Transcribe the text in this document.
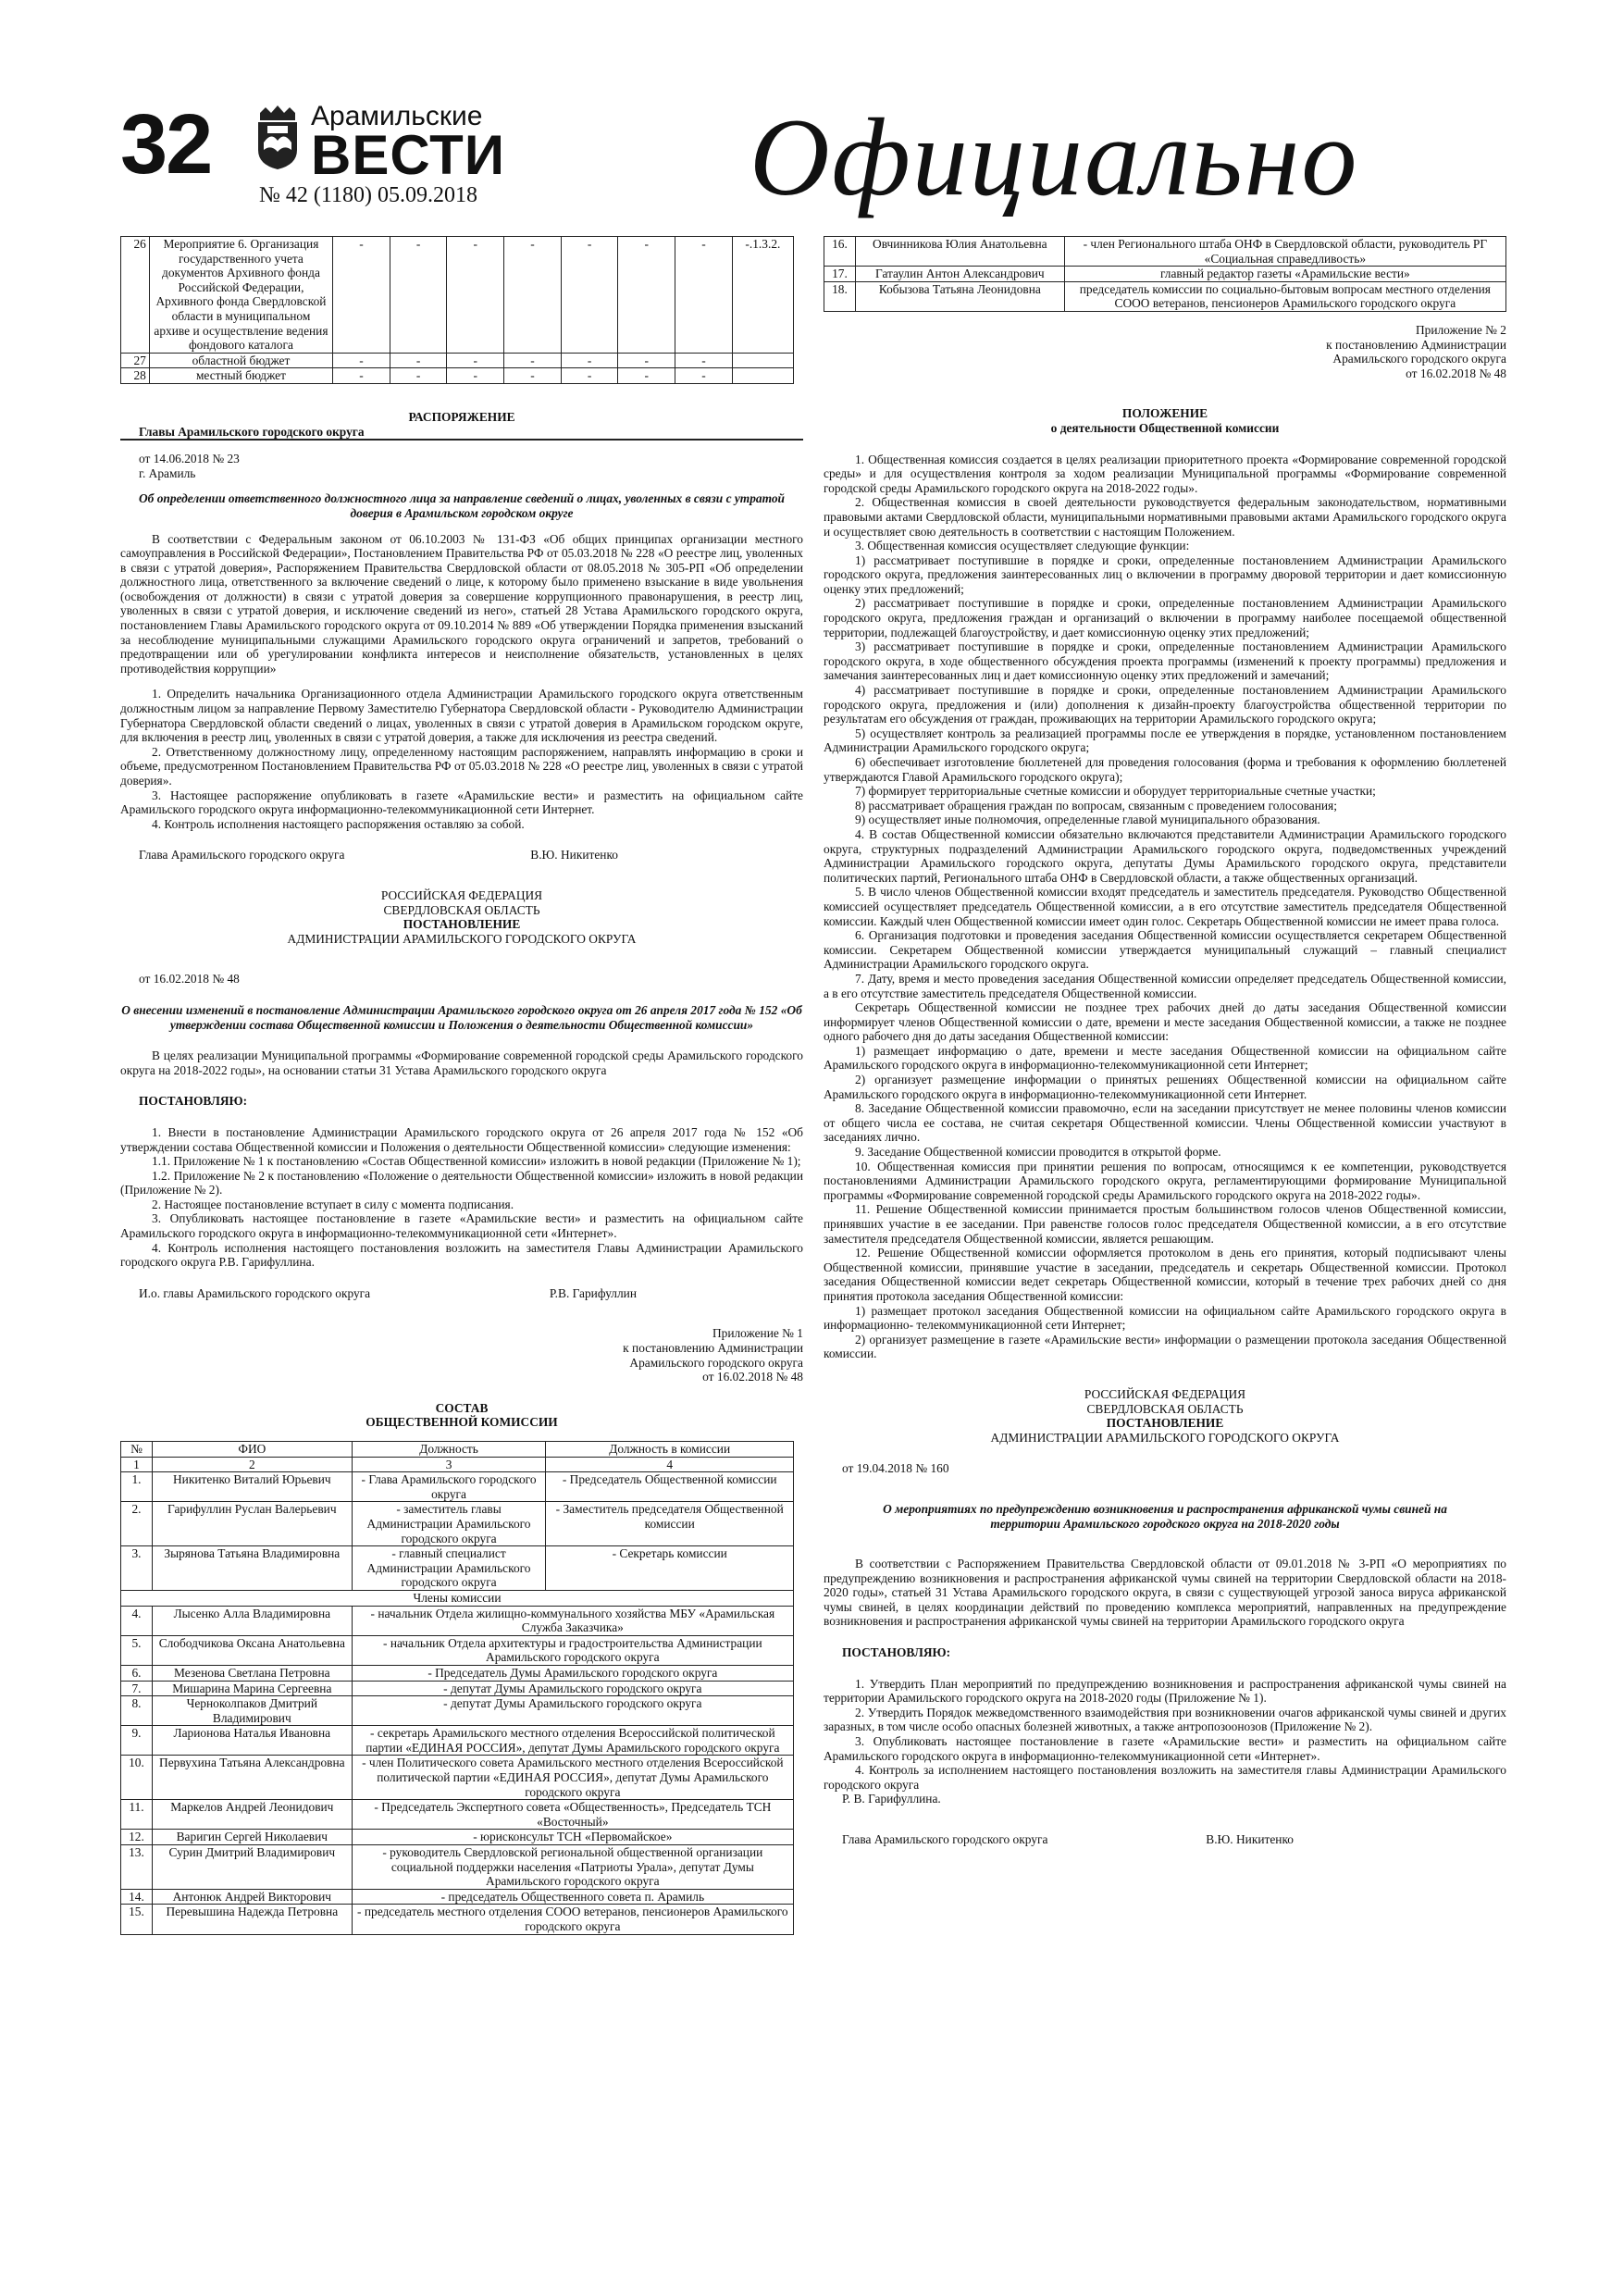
32	Арамильские
ВЕСТИ
№ 42 (1180) 05.09.2018 Официально
26	Мероприятие 6. Организация государственного учета документов Архивного фонда Российской Федерации, Архивного фонда Свердловской области в муниципальном архиве и осуществление ведения фондового каталога	-	-	-	-	-	-	-	-.1.3.2.
27	областной бюджет	-	-	-	-	-	-	-	
28	местный бюджет	-	-	-	-	-	-	-	

РАСПОРЯЖЕНИЕ

Главы Арамильского городского округа

от 14.06.2018 № 23

г. Арамиль

Об определении ответственного должностного лица за направление сведений о лицах, уволенных в связи с утратой доверия в Арамильском городском округе

В соответствии с Федеральным законом от 06.10.2003 № 131-ФЗ «Об общих принципах организации местного самоуправления в Российской Федерации», Постановлением Правительства РФ от 05.03.2018 № 228 «О реестре лиц, уволенных в связи с утратой доверия», Распоряжением Правительства Свердловской области от 08.05.2018 № 305-РП «Об определении должностного лица, ответственного за включение сведений о лице, к которому было применено взыскание в виде увольнения (освобождения от должности) в связи с утратой доверия за совершение коррупционного правонарушения, в реестр лиц, уволенных в связи с утратой доверия, и исключение сведений из него», статьей 28 Устава Арамильского городского округа, постановлением Главы Арамильского городского округа от 09.10.2014 № 889 «Об утверждении Порядка применения взысканий за несоблюдение муниципальными служащими Арамильского городского округа ограничений и запретов, требований о предотвращении или об урегулировании конфликта интересов и неисполнение обязательств, установленных в целях противодействия коррупции»

1. Определить начальника Организационного отдела Администрации Арамильского городского округа ответственным должностным лицом за направление Первому Заместителю Губернатора Свердловской области - Руководителю Администрации Губернатора Свердловской области сведений о лицах, уволенных в связи с утратой доверия в Арамильском городском округе, для включения в реестр лиц, уволенных в связи с утратой доверия, а также для исключения из реестра сведений.

2. Ответственному должностному лицу, определенному настоящим распоряжением, направлять информацию в сроки и объеме, предусмотренном Постановлением Правительства РФ от 05.03.2018 № 228 «О реестре лиц, уволенных в связи с утратой доверия».

3. Настоящее распоряжение опубликовать в газете «Арамильские вести» и разместить на официальном сайте Арамильского городского округа информационно-телекоммуникационной сети Интернет.

4. Контроль исполнения настоящего распоряжения оставляю за собой.

Глава Арамильского городского округа	В.Ю. Никитенко

РОССИЙСКАЯ ФЕДЕРАЦИЯ

СВЕРДЛОВСКАЯ ОБЛАСТЬ

ПОСТАНОВЛЕНИЕ

АДМИНИСТРАЦИИ АРАМИЛЬСКОГО ГОРОДСКОГО ОКРУГА

от 16.02.2018 № 48

О внесении изменений в постановление Администрации Арамильского городского округа от 26 апреля 2017 года № 152 «Об утверждении состава Общественной комиссии и Положения о деятельности Общественной комиссии»

В целях реализации Муниципальной программы «Формирование современной городской среды Арамильского городского округа на 2018-2022 годы», на основании статьи 31 Устава Арамильского городского округа

ПОСТАНОВЛЯЮ:

1. Внести в постановление Администрации Арамильского городского округа от 26 апреля 2017 года № 152 «Об утверждении состава Общественной комиссии и Положения о деятельности Общественной комиссии» следующие изменения:

1.1. Приложение № 1 к постановлению «Состав Общественной комиссии» изложить в новой редакции (Приложение № 1);

1.2. Приложение № 2 к постановлению «Положение о деятельности Общественной комиссии» изложить в новой редакции (Приложение № 2).

2. Настоящее постановление вступает в силу с момента подписания.

3. Опубликовать настоящее постановление в газете «Арамильские вести» и разместить на официальном сайте Арамильского городского округа в информационно-телекоммуникационной сети «Интернет».

4. Контроль исполнения настоящего постановления возложить на заместителя Главы Администрации Арамильского городского округа Р.В. Гарифуллина.

И.о. главы Арамильского городского округа	Р.В. Гарифуллин

Приложение № 1

к постановлению Администрации

Арамильского городского округа

от 16.02.2018 № 48

СОСТАВ

ОБЩЕСТВЕННОЙ КОМИССИИ

№	ФИО	Должность	Должность в комиссии
1	2	3	4
1.	Никитенко Виталий Юрьевич	- Глава Арамильского городского округа	- Председатель Общественной комиссии
2.	Гарифуллин Руслан Валерьевич	- заместитель главы Администрации Арамильского городского округа	- Заместитель председателя Общественной комиссии
3.	Зырянова Татьяна Владимировна	- главный специалист Администрации Арамильского городского округа	- Секретарь комиссии
Члены комиссии			
4.	Лысенко Алла Владимировна	- начальник Отдела жилищно-коммунального хозяйства МБУ «Арамильская Служба Заказчика»	
5.	Слободчикова Оксана Анатольевна	- начальник Отдела архитектуры и градостроительства Администрации Арамильского городского округа	
6.	Мезенова Светлана Петровна	- Председатель Думы Арамильского городского округа	
7.	Мишарина Марина Сергеевна	- депутат Думы Арамильского городского округа	
8.	Черноколпаков Дмитрий Владимирович	- депутат Думы Арамильского городского округа	
9.	Ларионова Наталья Ивановна	- секретарь Арамильского местного отделения Всероссийской политической партии «ЕДИНАЯ РОССИЯ», депутат Думы Арамильского городского округа	
10.	Первухина Татьяна Александровна	- член Политического совета Арамильского местного отделения Всероссийской политической партии «ЕДИНАЯ РОССИЯ», депутат Думы Арамильского городского округа	
11.	Маркелов Андрей Леонидович	- Председатель Экспертного совета «Общественность», Председатель ТСН «Восточный»	
12.	Варигин Сергей Николаевич	- юрисконсульт ТСН «Первомайское»	
13.	Сурин Дмитрий Владимирович	- руководитель Свердловской региональной общественной организации социальной поддержки населения «Патриоты Урала», депутат Думы Арамильского городского округа	
14.	Антонюк Андрей Викторович	- председатель Общественного совета п. Арамиль	
15.	Перевышина Надежда Петровна	- председатель местного отделения СООО ветеранов, пенсионеров Арамильского городского округа	
16.	Овчинникова Юлия Анатольевна	- член Регионального штаба ОНФ в Свердловской области, руководитель РГ «Социальная справедливость»
17.	Гатаулин Антон Александрович	главный редактор газеты «Арамильские вести»
18.	Кобызова Татьяна Леонидовна	председатель комиссии по социально-бытовым вопросам местного отделения СООО ветеранов, пенсионеров Арамильского городского округа

Приложение № 2

к постановлению Администрации

Арамильского городского округа

от 16.02.2018 № 48

ПОЛОЖЕНИЕ

о деятельности Общественной комиссии

1. Общественная комиссия создается в целях реализации приоритетного проекта «Формирование современной городской среды» и для осуществления контроля за ходом реализации Муниципальной программы «Формирование современной городской среды Арамильского городского округа на 2018-2022 годы».

2. Общественная комиссия в своей деятельности руководствуется федеральным законодательством, нормативными правовыми актами Свердловской области, муниципальными нормативными правовыми актами Арамильского городского округа и осуществляет свою деятельность в соответствии с настоящим Положением.

3. Общественная комиссия осуществляет следующие функции:

1) рассматривает поступившие в порядке и сроки, определенные постановлением Администрации Арамильского городского округа, предложения заинтересованных лиц о включении в программу дворовой территории и дает комиссионную оценку этих предложений;

2) рассматривает поступившие в порядке и сроки, определенные постановлением Администрации Арамильского городского округа, предложения граждан и организаций о включении в программу наиболее посещаемой общественной территории, подлежащей благоустройству, и дает комиссионную оценку этих предложений;

3) рассматривает поступившие в порядке и сроки, определенные постановлением Администрации Арамильского городского округа, в ходе общественного обсуждения проекта программы (изменений к проекту программы) предложения и замечания заинтересованных лиц и дает комиссионную оценку этих предложений и замечаний;

4) рассматривает поступившие в порядке и сроки, определенные постановлением Администрации Арамильского городского округа, предложения и (или) дополнения к дизайн-проекту благоустройства общественной территории по результатам его обсуждения от граждан, проживающих на территории Арамильского городского округа;

5) осуществляет контроль за реализацией программы после ее утверждения в порядке, установленном постановлением Администрации Арамильского городского округа;

6) обеспечивает изготовление бюллетеней для проведения голосования (форма и требования к оформлению бюллетеней утверждаются Главой Арамильского городского округа);

7) формирует территориальные счетные комиссии и оборудует территориальные счетные участки;

8) рассматривает обращения граждан по вопросам, связанным с проведением голосования;

9) осуществляет иные полномочия, определенные главой муниципального образования.

4. В состав Общественной комиссии обязательно включаются представители Администрации Арамильского городского округа, структурных подразделений Администрации Арамильского городского округа, подведомственных учреждений Администрации Арамильского городского округа, депутаты Думы Арамильского городского округа, представители политических партий, Регионального штаба ОНФ в Свердловской области, а также общественных организаций.

5. В число членов Общественной комиссии входят председатель и заместитель председателя. Руководство Общественной комиссией осуществляет председатель Общественной комиссии, а в его отсутствие заместитель председателя Общественной комиссии. Каждый член Общественной комиссии имеет один голос. Секретарь Общественной комиссии не имеет права голоса.

6. Организация подготовки и проведения заседания Общественной комиссии осуществляется секретарем Общественной комиссии. Секретарем Общественной комиссии утверждается муниципальный служащий – главный специалист Администрации Арамильского городского округа.

7. Дату, время и место проведения заседания Общественной комиссии определяет председатель Общественной комиссии, а в его отсутствие заместитель председателя Общественной комиссии.

Секретарь Общественной комиссии не позднее трех рабочих дней до даты заседания Общественной комиссии информирует членов Общественной комиссии о дате, времени и месте заседания Общественной комиссии, а также не позднее одного рабочего дня до даты заседания Общественной комиссии:

1) размещает информацию о дате, времени и месте заседания Общественной комиссии на официальном сайте Арамильского городского округа в информационно-телекоммуникационной сети Интернет;

2) организует размещение информации о принятых решениях Общественной комиссии на официальном сайте Арамильского городского округа в информационно-телекоммуникационной сети Интернет.

8. Заседание Общественной комиссии правомочно, если на заседании присутствует не менее половины членов комиссии от общего числа ее состава, не считая секретаря Общественной комиссии. Члены Общественной комиссии участвуют в заседаниях лично.

9. Заседание Общественной комиссии проводится в открытой форме.

10. Общественная комиссия при принятии решения по вопросам, относящимся к ее компетенции, руководствуется постановлениями Администрации Арамильского городского округа, регламентирующими формирование Муниципальной программы «Формирование современной городской среды Арамильского городского округа на 2018-2022 годы».

11. Решение Общественной комиссии принимается простым большинством голосов членов Общественной комиссии, принявших участие в ее заседании. При равенстве голосов голос председателя Общественной комиссии, а в его отсутствие заместителя председателя Общественной комиссии, является решающим.

12. Решение Общественной комиссии оформляется протоколом в день его принятия, который подписывают члены Общественной комиссии, принявшие участие в заседании, председатель и секретарь Общественной комиссии. Протокол заседания Общественной комиссии ведет секретарь Общественной комиссии, который в течение трех рабочих дней со дня принятия протокола заседания Общественной комиссии:

1) размещает протокол заседания Общественной комиссии на официальном сайте Арамильского городского округа в информационно- телекоммуникационной сети Интернет;

2) организует размещение в газете «Арамильские вести» информации о размещении протокола заседания Общественной комиссии.

РОССИЙСКАЯ ФЕДЕРАЦИЯ

СВЕРДЛОВСКАЯ ОБЛАСТЬ

ПОСТАНОВЛЕНИЕ

АДМИНИСТРАЦИИ АРАМИЛЬСКОГО ГОРОДСКОГО ОКРУГА

от 19.04.2018 № 160

О мероприятиях по предупреждению возникновения и распространения африканской чумы свиней на территории Арамильского городского округа на 2018-2020 годы

В соответствии с Распоряжением Правительства Свердловской области от 09.01.2018 № 3-РП «О мероприятиях по предупреждению возникновения и распространения африканской чумы свиней на территории Свердловской области на 2018-2020 годы», статьей 31 Устава Арамильского городского округа, в связи с существующей угрозой заноса вируса африканской чумы свиней, в целях координации действий по проведению комплекса мероприятий, направленных на предупреждение возникновения и распространения африканской чумы свиней на территории Арамильского городского округа

ПОСТАНОВЛЯЮ:

1. Утвердить План мероприятий по предупреждению возникновения и распространения африканской чумы свиней на территории Арамильского городского округа на 2018-2020 годы (Приложение № 1).

2. Утвердить Порядок межведомственного взаимодействия при возникновении очагов африканской чумы свиней и других заразных, в том числе особо опасных болезней животных, а также антропозоонозов (Приложение № 2).

3. Опубликовать настоящее постановление в газете «Арамильские вести» и разместить на официальном сайте Арамильского городского округа в информационно-телекоммуникационной сети «Интернет».

4. Контроль за исполнением настоящего постановления возложить на заместителя главы Администрации Арамильского городского округа

Р. В. Гарифуллина.

Глава Арамильского городского округа	В.Ю. Никитенко
